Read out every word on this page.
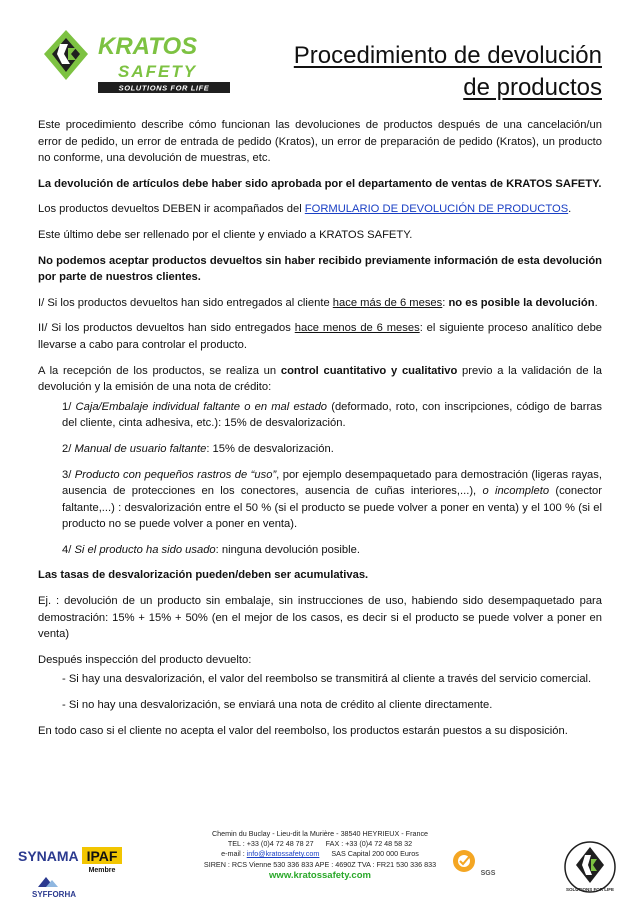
KRATOS
SAFETY
SOLUTIONS FOR LIFE
Procedimiento de devolución
de productos

Este procedimiento describe cómo funcionan las devoluciones de productos después de una cancelación/un error de pedido, un error de entrada de pedido (Kratos), un error de preparación de pedido (Kratos), un producto no conforme, una devolución de muestras, etc.

La devolución de artículos debe haber sido aprobada por el departamento de ventas de KRATOS SAFETY.

Los productos devueltos DEBEN ir acompañados del FORMULARIO DE DEVOLUCIÓN DE PRODUCTOS.

Este último debe ser rellenado por el cliente y enviado a KRATOS SAFETY.

No podemos aceptar productos devueltos sin haber recibido previamente información de esta devolución por parte de nuestros clientes.

I/ Si los productos devueltos han sido entregados al cliente hace más de 6 meses: no es posible la devolución.

II/ Si los productos devueltos han sido entregados hace menos de 6 meses: el siguiente proceso analítico debe llevarse a cabo para controlar el producto.

A la recepción de los productos, se realiza un control cuantitativo y cualitativo previo a la validación de la devolución y la emisión de una nota de crédito:

1/ Caja/Embalaje individual faltante o en mal estado (deformado, roto, con inscripciones, código de barras del cliente, cinta adhesiva, etc.): 15% de desvalorización.

2/ Manual de usuario faltante: 15% de desvalorización.

3/ Producto con pequeños rastros de “uso”, por ejemplo desempaquetado para demostración (ligeras rayas, ausencia de protecciones en los conectores, ausencia de cuñas interiores,...), o incompleto (conector faltante,...) : desvalorización entre el 50 % (si el producto se puede volver a poner en venta) y el 100 % (si el producto no se puede volver a poner en venta).

4/ Si el producto ha sido usado: ninguna devolución posible.

Las tasas de desvalorización pueden/deben ser acumulativas.

Ej. : devolución de un producto sin embalaje, sin instrucciones de uso, habiendo sido desempaquetado para demostración: 15% + 15% + 50% (en el mejor de los casos, es decir si el producto se puede volver a poner en venta)

Después inspección del producto devuelto:

- Si hay una desvalorización, el valor del reembolso se transmitirá al cliente a través del servicio comercial.

- Si no hay una desvalorización, se enviará una nota de crédito al cliente directamente.

En todo caso si el cliente no acepta el valor del reembolso, los productos estarán puestos a su disposición.

SYNAMA IPAF
Membre
SYFFORHA
Chemin du Buclay - Lieu-dit la Murière - 38540 HEYRIEUX - France
TEL : +33 (0)4 72 48 78 27 FAX : +33 (0)4 72 48 58 32
e-mail : info@kratossafety.com SAS Capital 200 000 Euros
SIREN : RCS Vienne 530 336 833 APE : 4690Z TVA : FR21 530 336 833
www.kratossafety.com	SGS
SOLUTIONS FOR LIFE
